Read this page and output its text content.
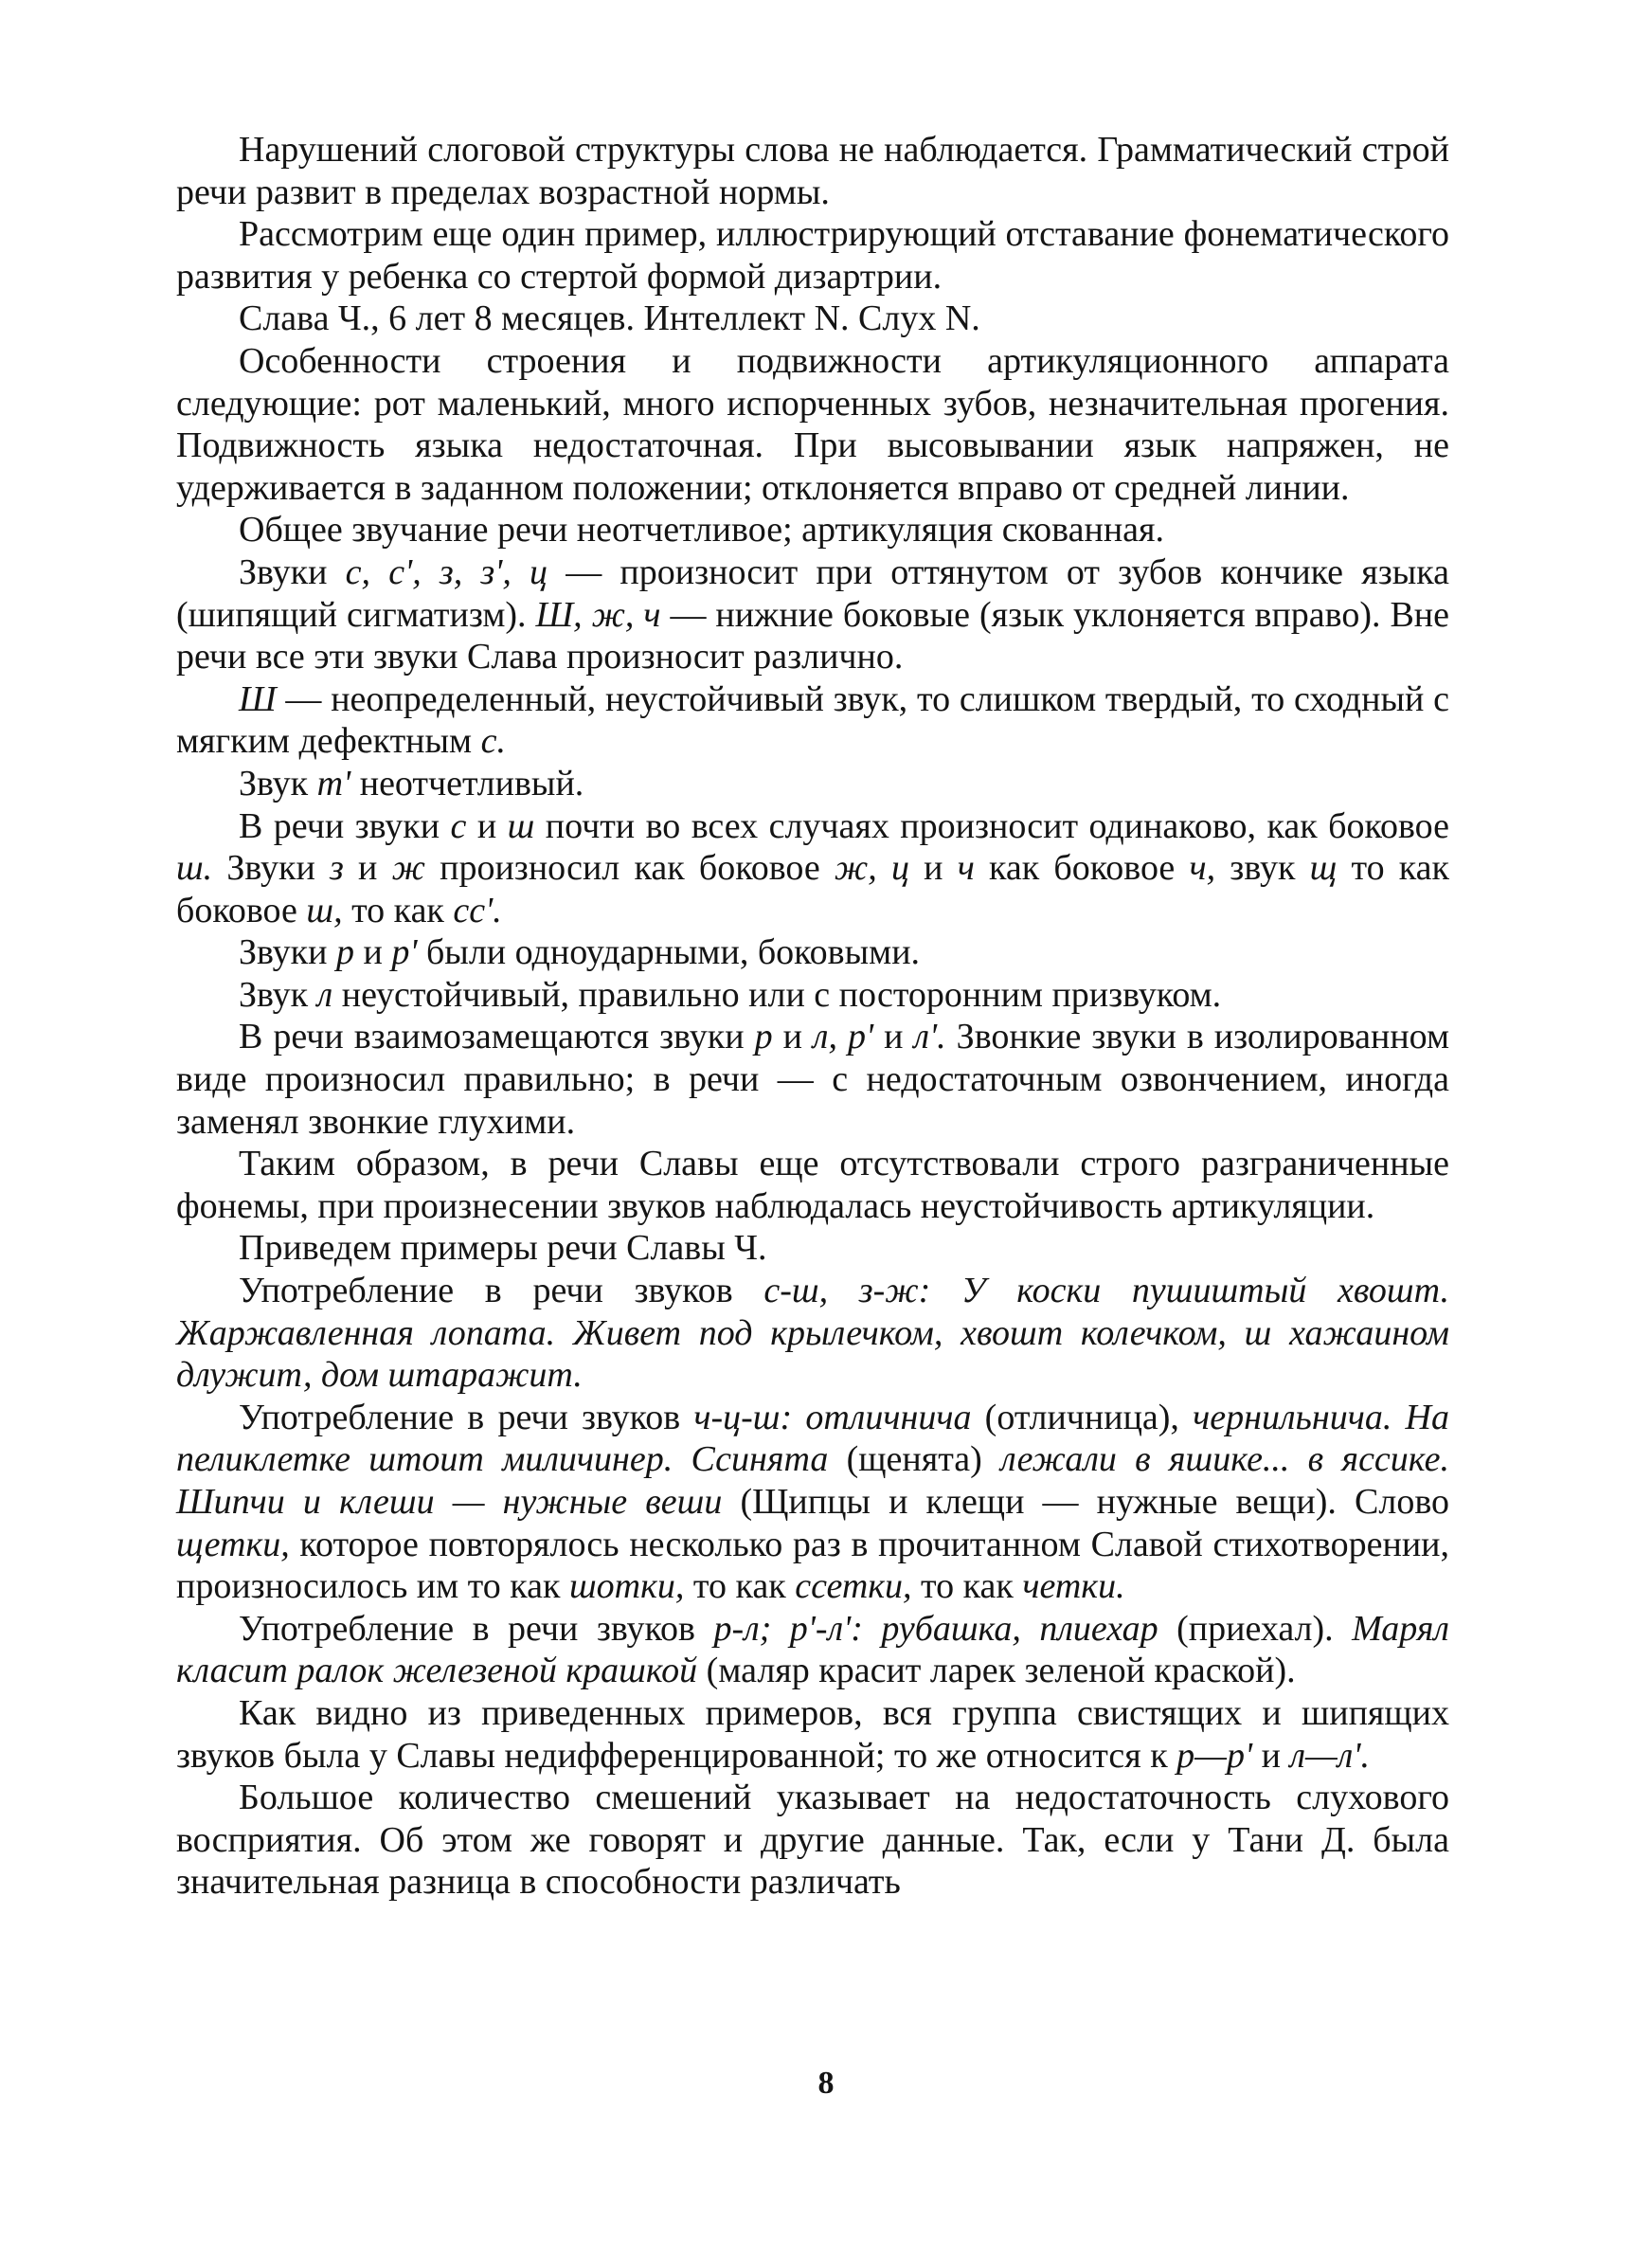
Нарушений слоговой структуры слова не наблюдается. Грамматический строй речи развит в пределах возрастной нормы.

Рассмотрим еще один пример, иллюстрирующий отставание фонематического развития у ребенка со стертой формой дизартрии.

Слава Ч., 6 лет 8 месяцев. Интеллект N. Слух N.

Особенности строения и подвижности артикуляционного аппарата следующие: рот маленький, много испорченных зубов, незначительная прогения. Подвижность языка недостаточная. При высовывании язык напряжен, не удерживается в заданном положении; отклоняется вправо от средней линии.

Общее звучание речи неотчетливое; артикуляция скованная.

Звуки с, с', з, з', ц — произносит при оттянутом от зубов кончике языка (шипящий сигматизм). Ш, ж, ч — нижние боковые (язык уклоняется вправо). Вне речи все эти звуки Слава произносит различно.

Ш — неопределенный, неустойчивый звук, то слишком твердый, то сходный с мягким дефектным с.

Звук т' неотчетливый.

В речи звуки с и ш почти во всех случаях произносит одинаково, как боковое ш. Звуки з и ж произносил как боковое ж, ц и ч как боковое ч, звук щ то как боковое ш, то как сс'.

Звуки р и р' были одноударными, боковыми.

Звук л неустойчивый, правильно или с посторонним призвуком.

В речи взаимозамещаются звуки р и л, р' и л'. Звонкие звуки в изолированном виде произносил правильно; в речи — с недостаточным озвончением, иногда заменял звонкие глухими.

Таким образом, в речи Славы еще отсутствовали строго разграниченные фонемы, при произнесении звуков наблюдалась неустойчивость артикуляции.

Приведем примеры речи Славы Ч.

Употребление в речи звуков с-ш, з-ж: У коски пушиштый хвошт. Жаржавленная лопата. Живет под крылечком, хвошт колечком, ш хажаином длужит, дом штаражит.

Употребление в речи звуков ч-ц-ш: отличнича (отличница), чернильнича. На пеликлетке штоит миличинер. Ссинята (щенята) лежали в яшике... в яссике. Шипчи и клеши — нужные веши (Щипцы и клещи — нужные вещи). Слово щетки, которое повторялось несколько раз в прочитанном Славой стихотворении, произносилось им то как шотки, то как ссетки, то как четки.

Употребление в речи звуков р-л; р'-л': рубашка, плиехар (приехал). Марял класит ралок железеной крашкой (маляр красит ларек зеленой краской).

Как видно из приведенных примеров, вся группа свистящих и шипящих звуков была у Славы недифференцированной; то же относится к р—р' и л—л'.

Большое количество смешений указывает на недостаточность слухового восприятия. Об этом же говорят и другие данные. Так, если у Тани Д. была значительная разница в способности различать

8
